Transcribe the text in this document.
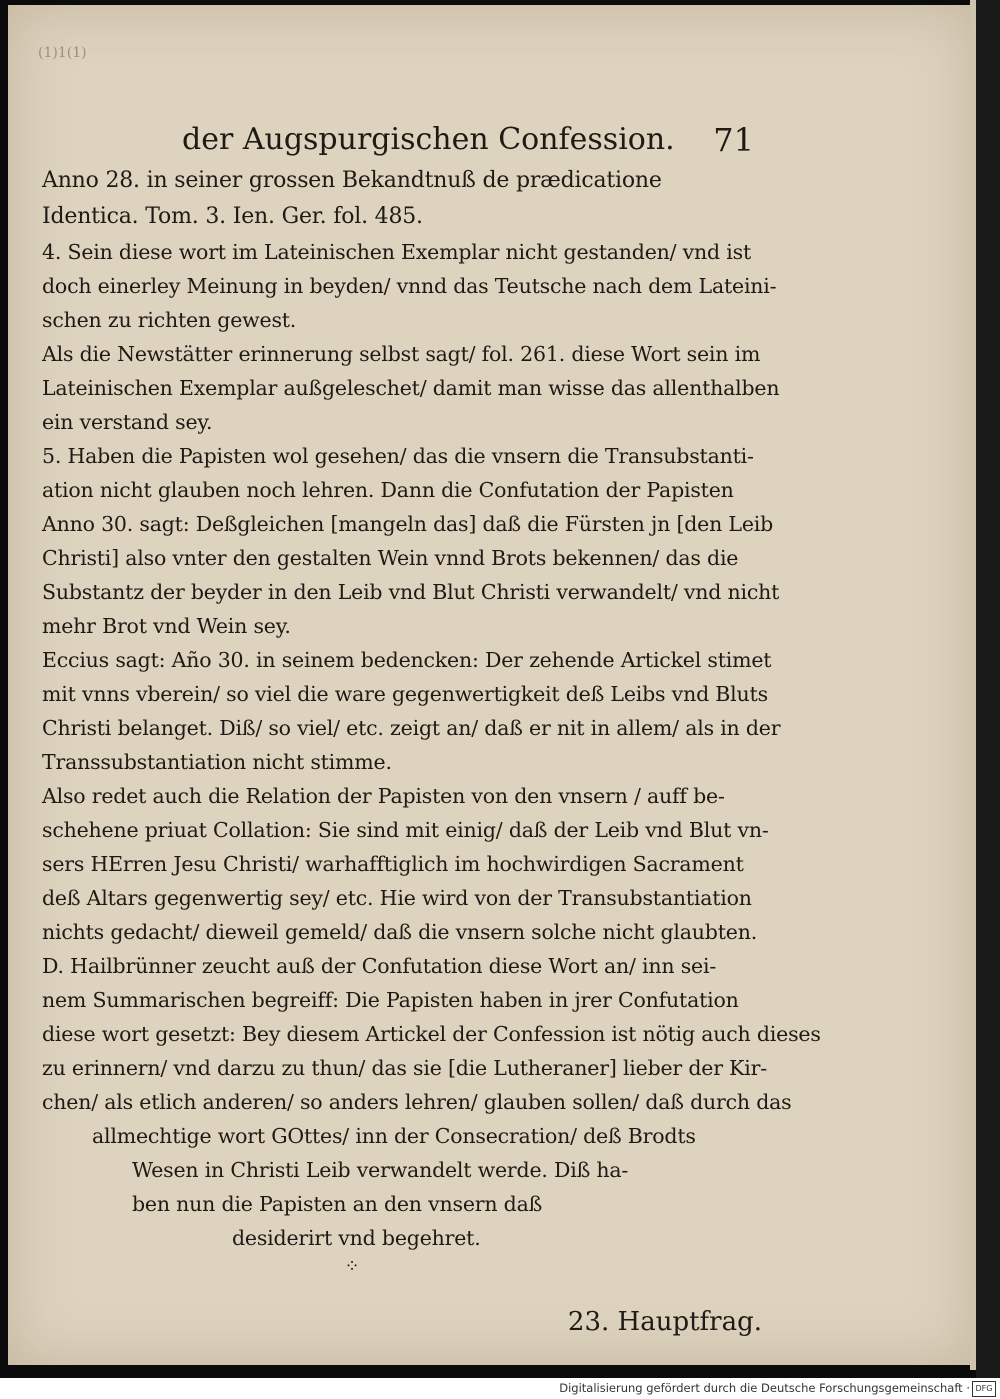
(1)1(1)
der Augspurgischen Confession. 71
Anno 28. in seiner grossen Bekandtnuß de prædicatione
Identica. Tom. 3. Ien. Ger. fol. 485.
4. Sein diese wort im Lateinischen Exemplar nicht gestanden/ vnd ist
doch einerley Meinung in beyden/ vnnd das Teutsche nach dem Lateini-
schen zu richten gewest.
Als die Newstätter erinnerung selbst sagt/ fol. 261. diese Wort sein im
Lateinischen Exemplar außgeleschet/ damit man wisse das allenthalben
ein verstand sey.
5. Haben die Papisten wol gesehen/ das die vnsern die Transubstanti-
ation nicht glauben noch lehren. Dann die Confutation der Papisten
Anno 30. sagt: Deßgleichen [mangeln das] daß die Fürsten jn [den Leib
Christi] also vnter den gestalten Wein vnnd Brots bekennen/ das die
Substantz der beyder in den Leib vnd Blut Christi verwandelt/ vnd nicht
mehr Brot vnd Wein sey.
Eccius sagt: Año 30. in seinem bedencken: Der zehende Artickel stimet
mit vnns vberein/ so viel die ware gegenwertigkeit deß Leibs vnd Bluts
Christi belanget. Diß/ so viel/ etc. zeigt an/ daß er nit in allem/ als in der
Transsubstantiation nicht stimme.
Also redet auch die Relation der Papisten von den vnsern / auff be-
schehene priuat Collation: Sie sind mit einig/ daß der Leib vnd Blut vn-
sers HErren Jesu Christi/ warhafftiglich im hochwirdigen Sacrament
deß Altars gegenwertig sey/ etc. Hie wird von der Transubstantiation
nichts gedacht/ dieweil gemeld/ daß die vnsern solche nicht glaubten.
D. Hailbrünner zeucht auß der Confutation diese Wort an/ inn sei-
nem Summarischen begreiff: Die Papisten haben in jrer Confutation
diese wort gesetzt: Bey diesem Artickel der Confession ist nötig auch dieses
zu erinnern/ vnd darzu zu thun/ das sie [die Lutheraner] lieber der Kir-
chen/ als etlich anderen/ so anders lehren/ glauben sollen/ daß durch das
allmechtige wort GOttes/ inn der Consecration/ deß Brodts
Wesen in Christi Leib verwandelt werde. Diß ha-
ben nun die Papisten an den vnsern daß
desiderirt vnd begehret.
⁘
23. Hauptfrag.
Digitalisierung gefördert durch die Deutsche Forschungsgemeinschaft · DFG
